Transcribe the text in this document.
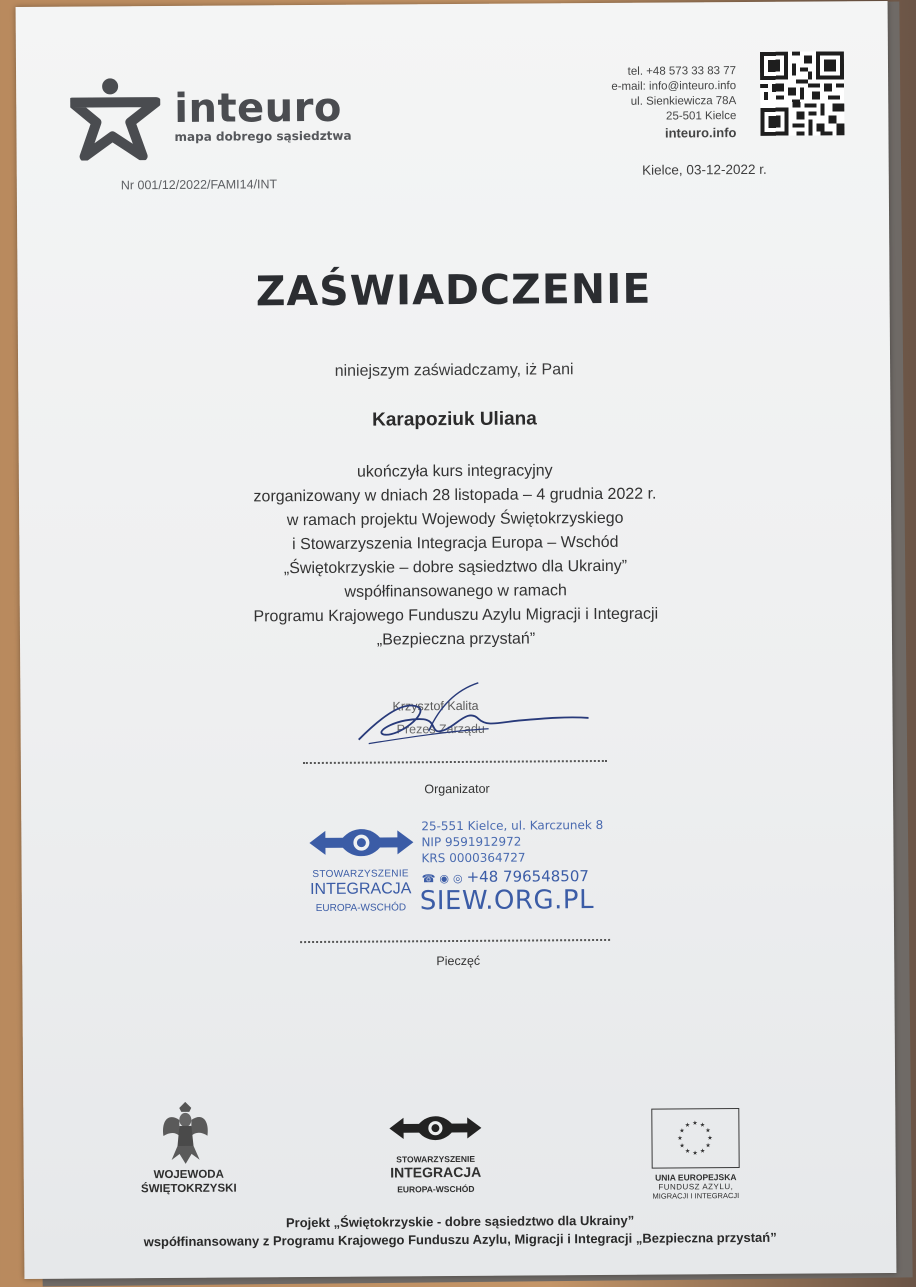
inteuro
mapa dobrego sąsiedztwa
Nr 001/12/2022/FAMI14/INT
tel. +48 573 33 83 77
e-mail: info@inteuro.info
ul. Sienkiewicza 78A
25-501 Kielce
inteuro.info
Kielce, 03-12-2022 r.
ZAŚWIADCZENIE
niniejszym zaświadczamy, iż Pani
Karapoziuk Uliana
ukończyła kurs integracyjny
zorganizowany w dniach 28 listopada – 4 grudnia 2022 r.
w ramach projektu Wojewody Świętokrzyskiego
i Stowarzyszenia Integracja Europa – Wschód
„Świętokrzyskie – dobre sąsiedztwo dla Ukrainy”
współfinansowanego w ramach
Programu Krajowego Funduszu Azylu Migracji i Integracji
„Bezpieczna przystań”
Krzysztof Kalita
Prezes Zarządu
Organizator
STOWARZYSZENIE
INTEGRACJA
EUROPA-WSCHÓD
25-551 Kielce, ul. Karczunek 8
NIP 9591912972
KRS 0000364727
☎ ◉ ◎ +48 796548507
SIEW.ORG.PL
Pieczęć
WOJEWODA
ŚWIĘTOKRZYSKI
STOWARZYSZENIE
INTEGRACJA
EUROPA-WSCHÓD
★ ★
★
★
★
★
★
★
★
★
★
★
UNIA EUROPEJSKA
FUNDUSZ AZYLU,
MIGRACJI I INTEGRACJI
Projekt „Świętokrzyskie - dobre sąsiedztwo dla Ukrainy”
współfinansowany z Programu Krajowego Funduszu Azylu, Migracji i Integracji „Bezpieczna przystań”
